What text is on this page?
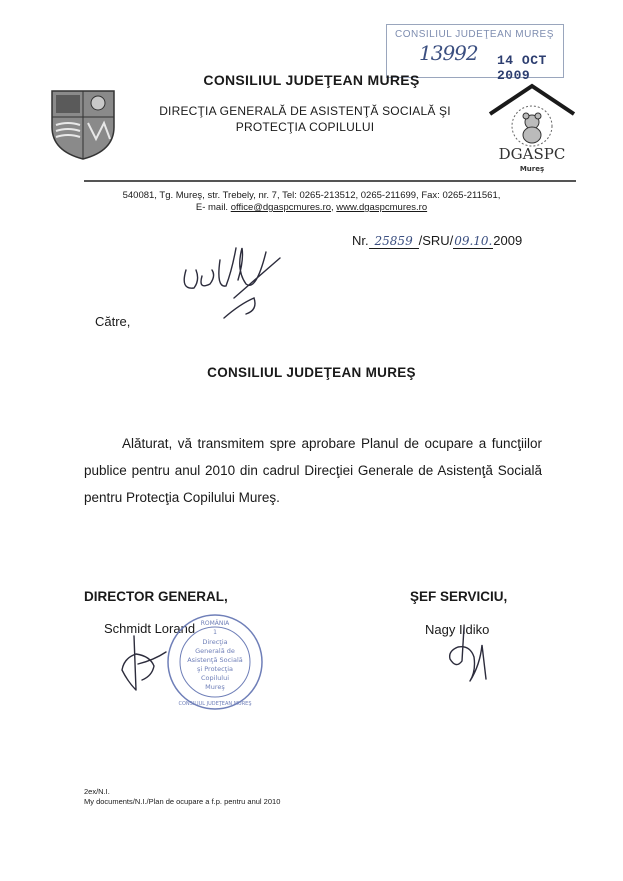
CONSILIUL JUDEŢEAN MUREŞ
13992 14 OCT 2009
CONSILIUL JUDEŢEAN MUREŞ
DIRECŢIA GENERALĂ DE ASISTENŢĂ SOCIALĂ ŞI
PROTECŢIA COPILULUI
DGASPC
Mureş
540081, Tg. Mureş, str. Trebely, nr. 7, Tel: 0265-213512, 0265-211699, Fax: 0265-211561,
E- mail. office@dgaspcmures.ro, www.dgaspcmures.ro
Nr. 25859 /SRU/09.10.2009
Către,
CONSILIUL JUDEŢEAN MUREŞ
Alăturat, vă transmitem spre aprobare Planul de ocupare a funcţiilor publice pentru anul 2010 din cadrul Direcţiei Generale de Asistenţă Socială pentru Protecţia Copilului Mureş.
DIRECTOR GENERAL,
Schmidt Lorand
ŞEF SERVICIU,
Nagy Ildiko
ROMÂNIA
1
Direcţia
Generală de
Asistenţă Socială
şi Protecţia
Copilului
Mureş
CONSILIUL JUDEŢEAN MUREŞ
2ex/N.I.
My documents/N.I./Plan de ocupare a f.p. pentru anul 2010
